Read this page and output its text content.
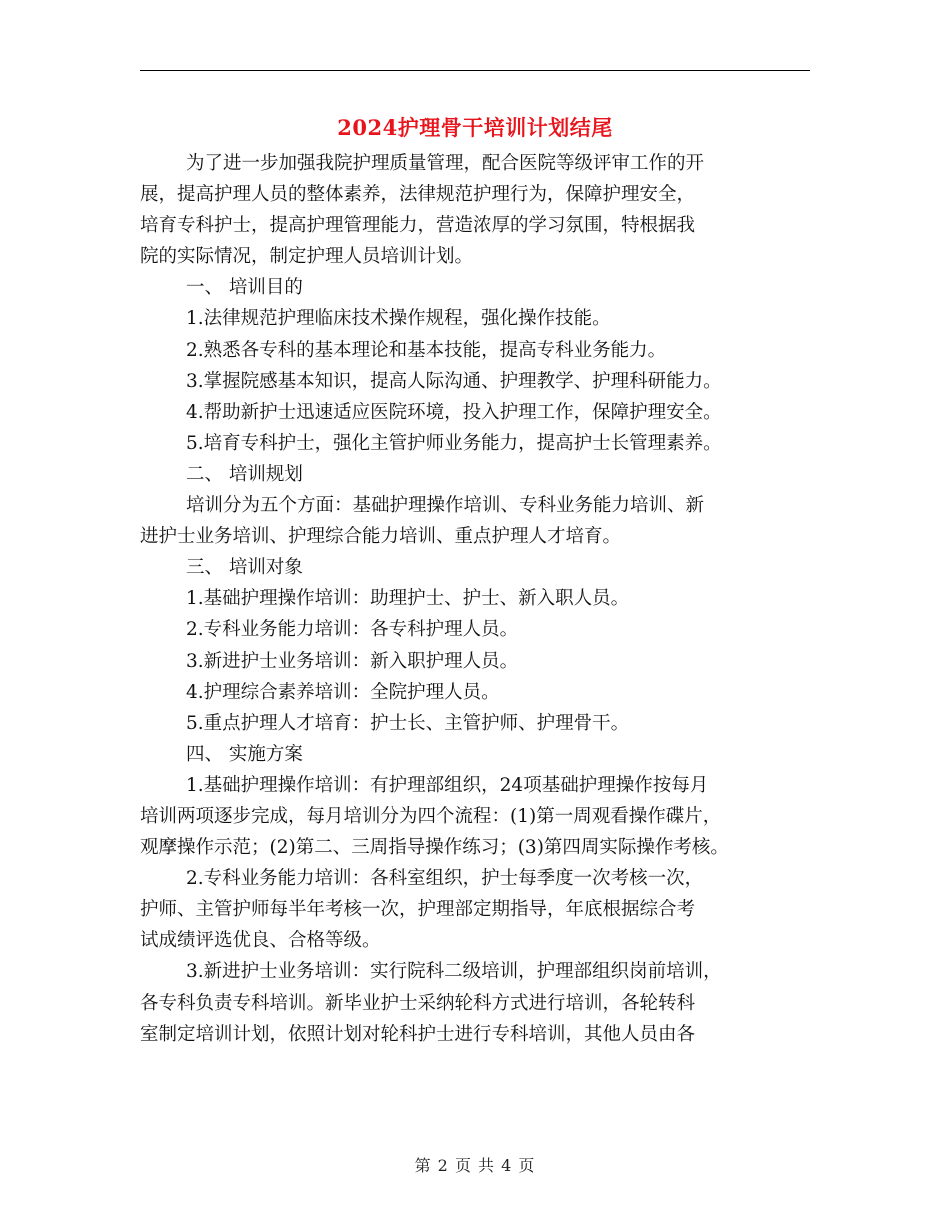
2024护理骨干培训计划结尾
为了进一步加强我院护理质量管理，配合医院等级评审工作的开
展，提高护理人员的整体素养，法律规范护理行为，保障护理安全，
培育专科护士，提高护理管理能力，营造浓厚的学习氛围，特根据我
院的实际情况，制定护理人员培训计划。
一、 培训目的
1.法律规范护理临床技术操作规程，强化操作技能。
2.熟悉各专科的基本理论和基本技能，提高专科业务能力。
3.掌握院感基本知识，提高人际沟通、护理教学、护理科研能力。
4.帮助新护士迅速适应医院环境，投入护理工作，保障护理安全。
5.培育专科护士，强化主管护师业务能力，提高护士长管理素养。
二、 培训规划
培训分为五个方面：基础护理操作培训、专科业务能力培训、新
进护士业务培训、护理综合能力培训、重点护理人才培育。
三、 培训对象
1.基础护理操作培训：助理护士、护士、新入职人员。
2.专科业务能力培训：各专科护理人员。
3.新进护士业务培训：新入职护理人员。
4.护理综合素养培训：全院护理人员。
5.重点护理人才培育：护士长、主管护师、护理骨干。
四、 实施方案
1.基础护理操作培训：有护理部组织，24项基础护理操作按每月
培训两项逐步完成，每月培训分为四个流程：(1)第一周观看操作碟片，
观摩操作示范；(2)第二、三周指导操作练习；(3)第四周实际操作考核。
2.专科业务能力培训：各科室组织，护士每季度一次考核一次，
护师、主管护师每半年考核一次，护理部定期指导，年底根据综合考
试成绩评选优良、合格等级。
3.新进护士业务培训：实行院科二级培训，护理部组织岗前培训，
各专科负责专科培训。新毕业护士采纳轮科方式进行培训，各轮转科
室制定培训计划，依照计划对轮科护士进行专科培训，其他人员由各
第 2 页 共 4 页
